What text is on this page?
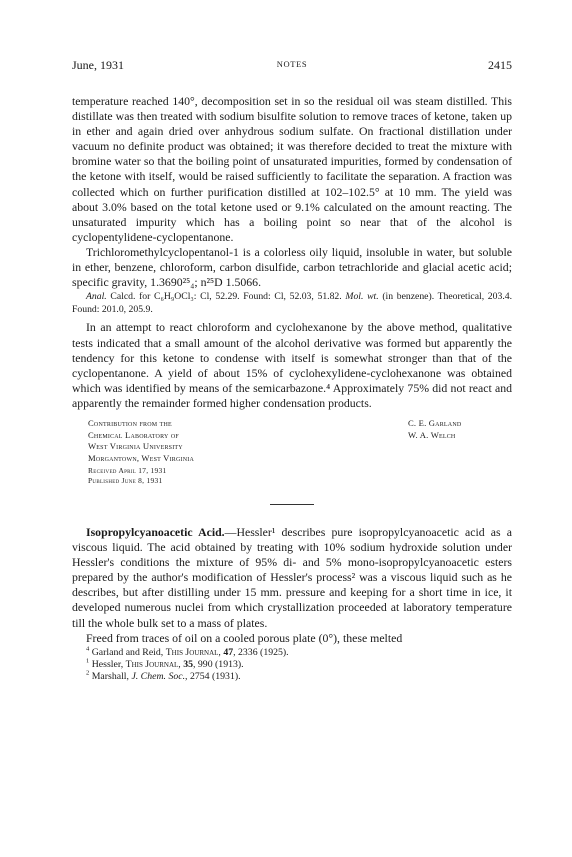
June, 1931	NOTES	2415

temperature reached 140°, decomposition set in so the residual oil was steam distilled. This distillate was then treated with sodium bisulfite solution to remove traces of ketone, taken up in ether and again dried over anhydrous sodium sulfate. On fractional distillation under vacuum no definite product was obtained; it was therefore decided to treat the mixture with bromine water so that the boiling point of unsaturated impurities, formed by condensation of the ketone with itself, would be raised sufficiently to facilitate the separation. A fraction was collected which on further purification distilled at 102–102.5° at 10 mm. The yield was about 3.0% based on the total ketone used or 9.1% calculated on the amount reacting. The unsaturated impurity which has a boiling point so near that of the alcohol is cyclopentylidene-cyclopentanone.

Trichloromethylcyclopentanol-1 is a colorless oily liquid, insoluble in water, but soluble in ether, benzene, chloroform, carbon disulfide, carbon tetrachloride and glacial acetic acid; specific gravity, 1.3690²⁵₄; n²⁵D 1.5066.

Anal. Calcd. for C₆H₉OCl₃: Cl, 52.29. Found: Cl, 52.03, 51.82. Mol. wt. (in benzene). Theoretical, 203.4. Found: 201.0, 205.9.

In an attempt to react chloroform and cyclohexanone by the above method, qualitative tests indicated that a small amount of the alcohol derivative was formed but apparently the tendency for this ketone to condense with itself is somewhat stronger than that of the cyclopentanone. A yield of about 15% of cyclohexylidene-cyclohexanone was obtained which was identified by means of the semicarbazone.⁴ Approximately 75% did not react and apparently the remainder formed higher condensation products.

Contribution from the
Chemical Laboratory of
West Virginia University
Morgantown, West Virginia
C. E. Garland
W. A. Welch
Received April 17, 1931
Published June 8, 1931

Isopropylcyanoacetic Acid.—Hessler¹ describes pure isopropylcyanoacetic acid as a viscous liquid. The acid obtained by treating with 10% sodium hydroxide solution under Hessler's conditions the mixture of 95% di- and 5% mono-isopropylcyanoacetic esters prepared by the author's modification of Hessler's process² was a viscous liquid such as he describes, but after distilling under 15 mm. pressure and keeping for a short time in ice, it developed numerous nuclei from which crystallization proceeded at laboratory temperature till the whole bulk set to a mass of plates.

Freed from traces of oil on a cooled porous plate (0°), these melted

$^4$ Garland and Reid, This Journal, 47, 2336 (1925).
$^1$ Hessler, This Journal, 35, 990 (1913).
$^2$ Marshall, J. Chem. Soc., 2754 (1931).
